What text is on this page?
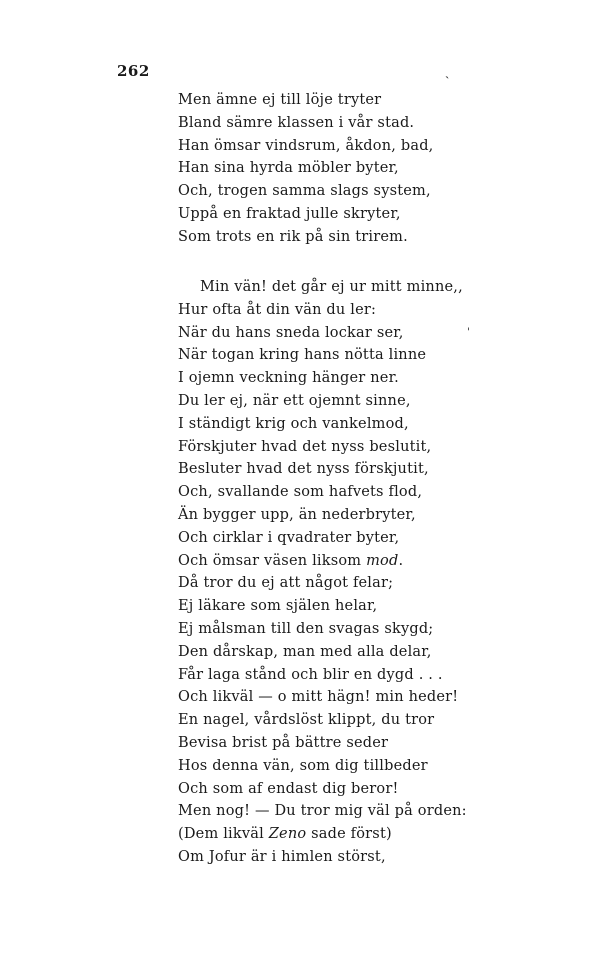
262	ˎ
'
Men ämne ej till löje tryter
Bland sämre klassen i vår stad.
Han ömsar vindsrum, åkdon, bad,
Han sina hyrda möbler byter,
Och, trogen samma slags system,
Uppå en fraktad julle skryter,
Som trots en rik på sin trirem.
Min vän! det går ej ur mitt minne,,
Hur ofta åt din vän du ler:
När du hans sneda lockar ser,
När togan kring hans nötta linne
I ojemn veckning hänger ner.
Du ler ej, när ett ojemnt sinne,
I ständigt krig och vankelmod,
Förskjuter hvad det nyss beslutit,
Besluter hvad det nyss förskjutit,
Och, svallande som hafvets flod,
Än bygger upp, än nederbryter,
Och cirklar i qvadrater byter,
Och ömsar väsen liksom mod.
Då tror du ej att något felar;
Ej läkare som själen helar,
Ej målsman till den svagas skygd;
Den dårskap, man med alla delar,
Får laga stånd och blir en dygd . . .
Och likväl — o mitt hägn! min heder!
En nagel, vårdslöst klippt, du tror
Bevisa brist på bättre seder
Hos denna vän, som dig tillbeder
Och som af endast dig beror!
Men nog! — Du tror mig väl på orden:
(Dem likväl Zeno sade först)
Om Jofur är i himlen störst,
